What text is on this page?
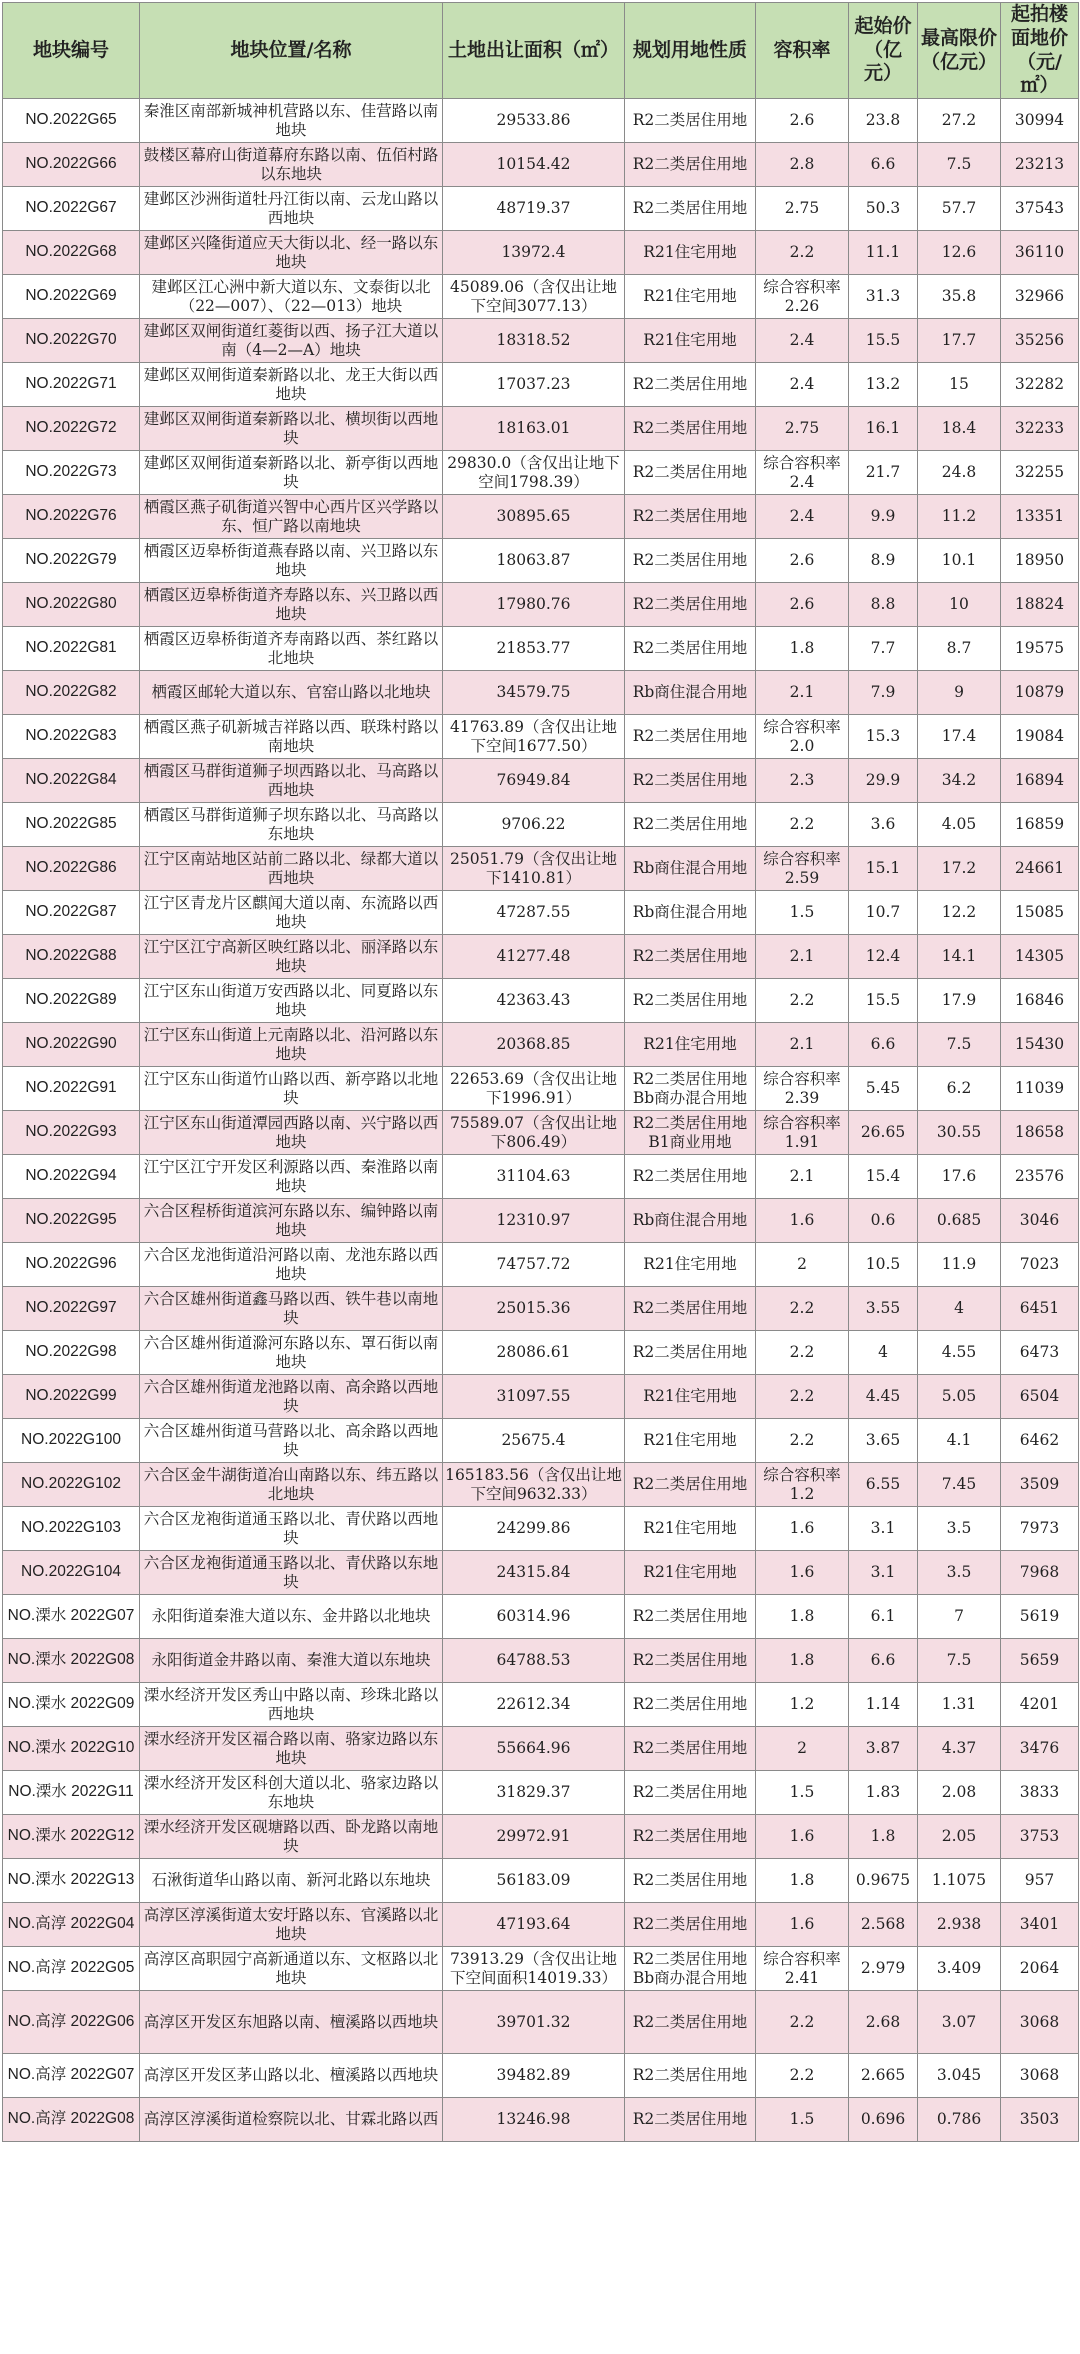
地块编号	地块位置/名称	土地出让面积（㎡）	规划用地性质	容积率	起始价（亿元）	最高限价（亿元）	起拍楼面地价（元/㎡）
NO.2022G65	秦淮区南部新城神机营路以东、佳营路以南地块	29533.86	R2二类居住用地	2.6	23.8	27.2	30994
NO.2022G66	鼓楼区幕府山街道幕府东路以南、伍佰村路以东地块	10154.42	R2二类居住用地	2.8	6.6	7.5	23213
NO.2022G67	建邺区沙洲街道牡丹江街以南、云龙山路以西地块	48719.37	R2二类居住用地	2.75	50.3	57.7	37543
NO.2022G68	建邺区兴隆街道应天大街以北、经一路以东地块	13972.4	R21住宅用地	2.2	11.1	12.6	36110
NO.2022G69	建邺区江心洲中新大道以东、文泰街以北（22—007）、（22—013）地块	45089.06（含仅出让地下空间3077.13）	R21住宅用地	综合容积率2.26	31.3	35.8	32966
NO.2022G70	建邺区双闸街道红菱街以西、扬子江大道以南（4—2—A）地块	18318.52	R21住宅用地	2.4	15.5	17.7	35256
NO.2022G71	建邺区双闸街道秦新路以北、龙王大街以西地块	17037.23	R2二类居住用地	2.4	13.2	15	32282
NO.2022G72	建邺区双闸街道秦新路以北、横坝街以西地块	18163.01	R2二类居住用地	2.75	16.1	18.4	32233
NO.2022G73	建邺区双闸街道秦新路以北、新亭街以西地块	29830.0（含仅出让地下空间1798.39）	R2二类居住用地	综合容积率2.4	21.7	24.8	32255
NO.2022G76	栖霞区燕子矶街道兴智中心西片区兴学路以东、恒广路以南地块	30895.65	R2二类居住用地	2.4	9.9	11.2	13351
NO.2022G79	栖霞区迈皋桥街道燕春路以南、兴卫路以东地块	18063.87	R2二类居住用地	2.6	8.9	10.1	18950
NO.2022G80	栖霞区迈皋桥街道齐寿路以东、兴卫路以西地块	17980.76	R2二类居住用地	2.6	8.8	10	18824
NO.2022G81	栖霞区迈皋桥街道齐寿南路以西、茶红路以北地块	21853.77	R2二类居住用地	1.8	7.7	8.7	19575
NO.2022G82	栖霞区邮轮大道以东、官窑山路以北地块	34579.75	Rb商住混合用地	2.1	7.9	9	10879
NO.2022G83	栖霞区燕子矶新城吉祥路以西、联珠村路以南地块	41763.89（含仅出让地下空间1677.50）	R2二类居住用地	综合容积率2.0	15.3	17.4	19084
NO.2022G84	栖霞区马群街道狮子坝西路以北、马高路以西地块	76949.84	R2二类居住用地	2.3	29.9	34.2	16894
NO.2022G85	栖霞区马群街道狮子坝东路以北、马高路以东地块	9706.22	R2二类居住用地	2.2	3.6	4.05	16859
NO.2022G86	江宁区南站地区站前二路以北、绿都大道以西地块	25051.79（含仅出让地下1410.81）	Rb商住混合用地	综合容积率2.59	15.1	17.2	24661
NO.2022G87	江宁区青龙片区麒闻大道以南、东流路以西地块	47287.55	Rb商住混合用地	1.5	10.7	12.2	15085
NO.2022G88	江宁区江宁高新区映红路以北、丽泽路以东地块	41277.48	R2二类居住用地	2.1	12.4	14.1	14305
NO.2022G89	江宁区东山街道万安西路以北、同夏路以东地块	42363.43	R2二类居住用地	2.2	15.5	17.9	16846
NO.2022G90	江宁区东山街道上元南路以北、沿河路以东地块	20368.85	R21住宅用地	2.1	6.6	7.5	15430
NO.2022G91	江宁区东山街道竹山路以西、新亭路以北地块	22653.69（含仅出让地下1996.91）	R2二类居住用地 Bb商办混合用地	综合容积率2.39	5.45	6.2	11039
NO.2022G93	江宁区东山街道潭园西路以南、兴宁路以西地块	75589.07（含仅出让地下806.49）	R2二类居住用地 B1商业用地	综合容积率1.91	26.65	30.55	18658
NO.2022G94	江宁区江宁开发区利源路以西、秦淮路以南地块	31104.63	R2二类居住用地	2.1	15.4	17.6	23576
NO.2022G95	六合区程桥街道滨河东路以东、编钟路以南地块	12310.97	Rb商住混合用地	1.6	0.6	0.685	3046
NO.2022G96	六合区龙池街道沿河路以南、龙池东路以西地块	74757.72	R21住宅用地	2	10.5	11.9	7023
NO.2022G97	六合区雄州街道鑫马路以西、铁牛巷以南地块	25015.36	R2二类居住用地	2.2	3.55	4	6451
NO.2022G98	六合区雄州街道滁河东路以东、罩石街以南地块	28086.61	R2二类居住用地	2.2	4	4.55	6473
NO.2022G99	六合区雄州街道龙池路以南、高余路以西地块	31097.55	R21住宅用地	2.2	4.45	5.05	6504
NO.2022G100	六合区雄州街道马营路以北、高余路以西地块	25675.4	R21住宅用地	2.2	3.65	4.1	6462
NO.2022G102	六合区金牛湖街道冶山南路以东、纬五路以北地块	165183.56（含仅出让地下空间9632.33）	R2二类居住用地	综合容积率1.2	6.55	7.45	3509
NO.2022G103	六合区龙袍街道通玉路以北、青伏路以西地块	24299.86	R21住宅用地	1.6	3.1	3.5	7973
NO.2022G104	六合区龙袍街道通玉路以北、青伏路以东地块	24315.84	R21住宅用地	1.6	3.1	3.5	7968
NO.溧水 2022G07	永阳街道秦淮大道以东、金井路以北地块	60314.96	R2二类居住用地	1.8	6.1	7	5619
NO.溧水 2022G08	永阳街道金井路以南、秦淮大道以东地块	64788.53	R2二类居住用地	1.8	6.6	7.5	5659
NO.溧水 2022G09	溧水经济开发区秀山中路以南、珍珠北路以西地块	22612.34	R2二类居住用地	1.2	1.14	1.31	4201
NO.溧水 2022G10	溧水经济开发区福合路以南、骆家边路以东地块	55664.96	R2二类居住用地	2	3.87	4.37	3476
NO.溧水 2022G11	溧水经济开发区科创大道以北、骆家边路以东地块	31829.37	R2二类居住用地	1.5	1.83	2.08	3833
NO.溧水 2022G12	溧水经济开发区砚塘路以西、卧龙路以南地块	29972.91	R2二类居住用地	1.6	1.8	2.05	3753
NO.溧水 2022G13	石湫街道华山路以南、新河北路以东地块	56183.09	R2二类居住用地	1.8	0.9675	1.1075	957
NO.高淳 2022G04	高淳区淳溪街道太安圩路以东、官溪路以北地块	47193.64	R2二类居住用地	1.6	2.568	2.938	3401
NO.高淳 2022G05	高淳区高职园宁高新通道以东、文枢路以北地块	73913.29（含仅出让地下空间面积14019.33）	R2二类居住用地 Bb商办混合用地	综合容积率2.41	2.979	3.409	2064
NO.高淳 2022G06	高淳区开发区东旭路以南、檀溪路以西地块	39701.32	R2二类居住用地	2.2	2.68	3.07	3068
NO.高淳 2022G07	高淳区开发区茅山路以北、檀溪路以西地块	39482.89	R2二类居住用地	2.2	2.665	3.045	3068
NO.高淳 2022G08	高淳区淳溪街道检察院以北、甘霖北路以西	13246.98	R2二类居住用地	1.5	0.696	0.786	3503
